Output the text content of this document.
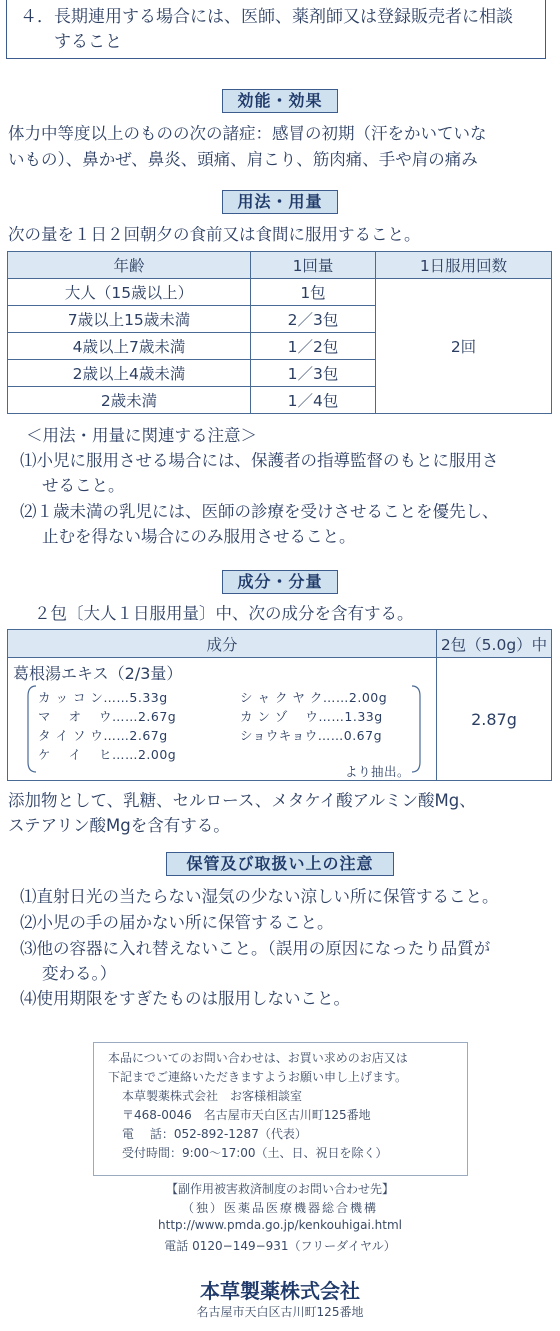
４．長期連用する場合には、医師、薬剤師又は登録販売者に相談
すること
効能・効果
体力中等度以上のものの次の諸症：感冒の初期（汗をかいていな
いもの）、鼻かぜ、鼻炎、頭痛、肩こり、筋肉痛、手や肩の痛み
用法・用量
次の量を１日２回朝夕の食前又は食間に服用すること。
年齢	1回量	1日服用回数
大人（15歳以上）	1包	2回
7歳以上15歳未満	2／3包	
4歳以上7歳未満	1／2包	
2歳以上4歳未満	1／3包	
2歳未満	1／4包	
＜用法・用量に関連する注意＞
⑴小児に服用させる場合には、保護者の指導監督のもとに服用さ
せること。
⑵１歳未満の乳児には、医師の診療を受けさせることを優先し、
止むを得ない場合にのみ服用させること。
成分・分量
２包〔大人１日服用量〕中、次の成分を含有する。
成分	2包（5.0g）中
	2.87g
葛根湯エキス（2/3量）
カ ッ コ ン……5.33g
マ　 オ　 ウ……2.67g
タ イ ソ ウ……2.67g
ケ　 イ　 ヒ……2.00g
シ ャ ク ヤ ク……2.00g
カ ン ゾ　 ウ……1.33g
ショウキョウ……0.67g
より抽出。
添加物として、乳糖、セルロース、メタケイ酸アルミン酸Mg、
ステアリン酸Mgを含有する。
保管及び取扱い上の注意
⑴直射日光の当たらない湿気の少ない涼しい所に保管すること。
⑵小児の手の届かない所に保管すること。
⑶他の容器に入れ替えないこと。（誤用の原因になったり品質が
変わる。）
⑷使用期限をすぎたものは服用しないこと。
本品についてのお問い合わせは、お買い求めのお店又は
下記までご連絡いただきますようお願い申し上げます。
本草製薬株式会社　お客様相談室
〒468-0046　名古屋市天白区古川町125番地
電　 話：052-892-1287（代表）
受付時間：9:00〜17:00（土、日、祝日を除く）
【副作用被害救済制度のお問い合わせ先】
（独）医薬品医療機器総合機構
http://www.pmda.go.jp/kenkouhigai.html
電話 0120−149−931（フリーダイヤル）
本草製薬株式会社
名古屋市天白区古川町125番地
